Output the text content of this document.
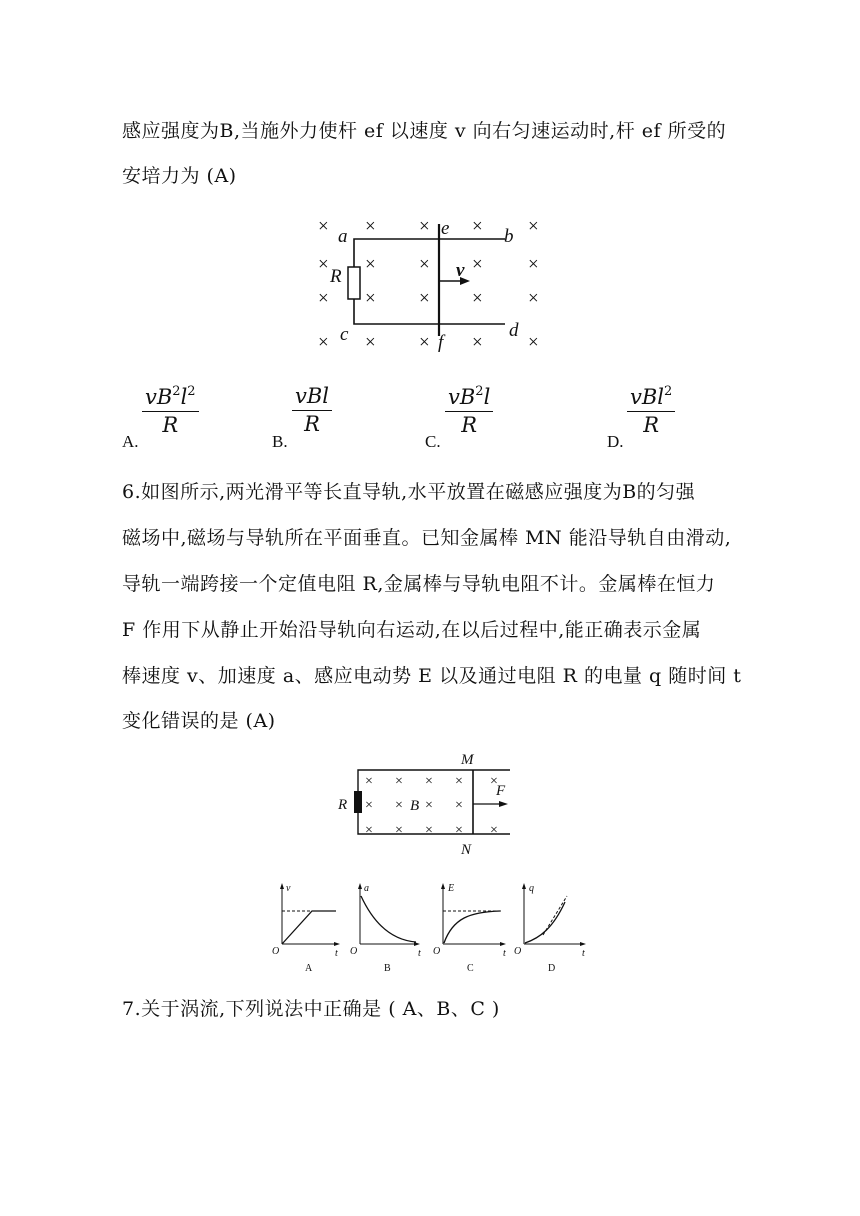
感应强度为B,当施外力使杆 ef 以速度 v 向右匀速运动时,杆 ef 所受的
安培力为 (A)
× × × × ×
× × × × ×
× × × × ×
× × × × ×
a	b
c	d
e
f
R	v
A.
$vB^2l^2$
R
B.
vBl
R
C.
$vB^2l$
R
D.
vBl$^2$
R
6.如图所示,两光滑平等长直导轨,水平放置在磁感应强度为B的匀强
磁场中,磁场与导轨所在平面垂直。已知金属棒 MN 能沿导轨自由滑动,
导轨一端跨接一个定值电阻 R,金属棒与导轨电阻不计。金属棒在恒力
F 作用下从静止开始沿导轨向右运动,在以后过程中,能正确表示金属
棒速度 v、加速度 a、感应电动势 E 以及通过电阻 R 的电量 q 随时间 t
变化错误的是 (A)
× × × × ×
× × × ×
× × × × ×
M
N
R
F
B
v
t
O
a
t
O
E
t
O
q
t
O
A	B	C	D
7.关于涡流,下列说法中正确是 ( A、B、C )
